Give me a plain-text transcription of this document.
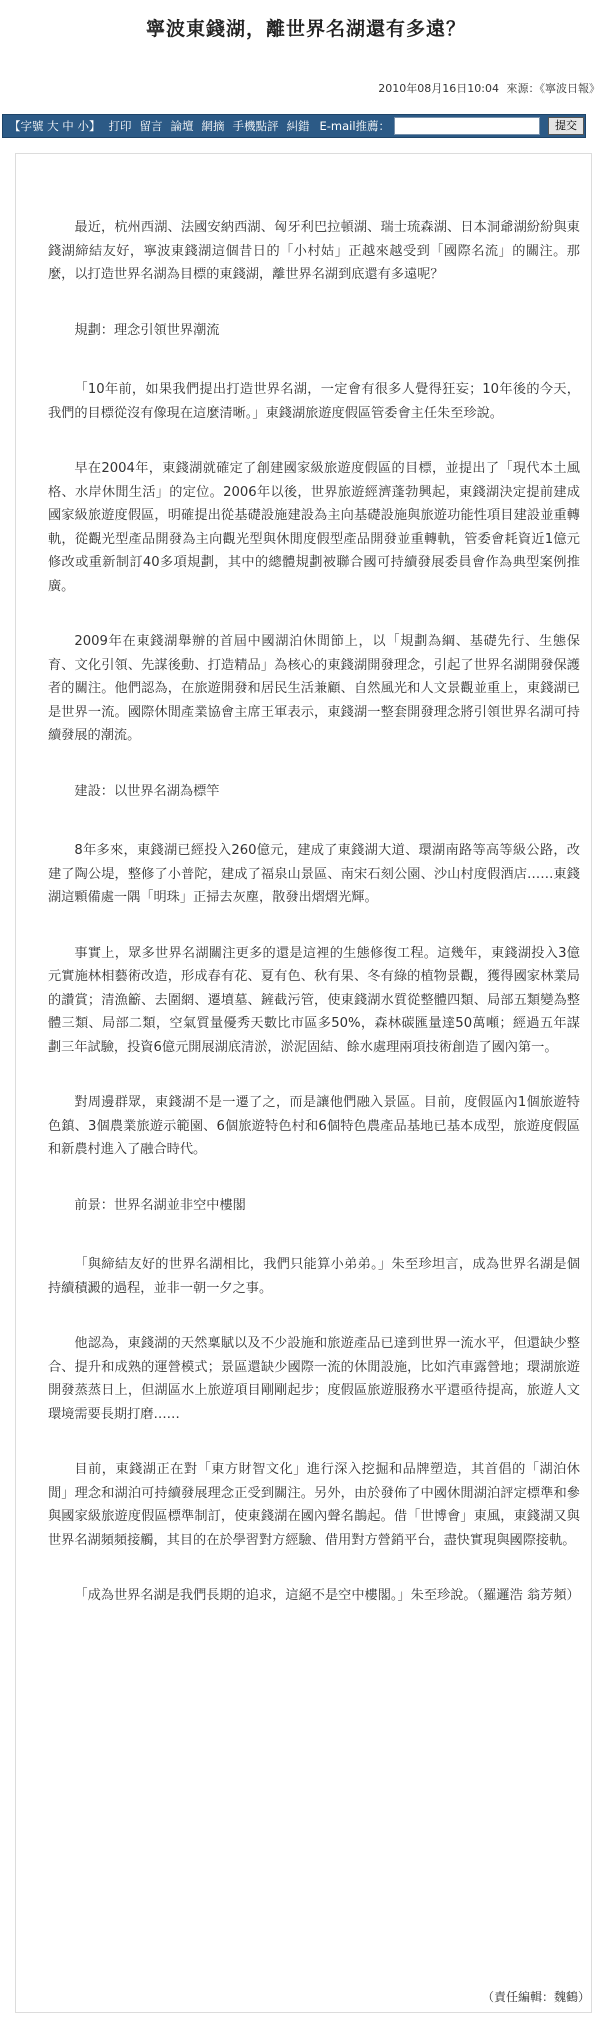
寧波東錢湖，離世界名湖還有多遠？
2010年08月16日10:04 來源：《寧波日報》
【字號 大 中 小】 打印 留言 論壇 網摘 手機點評 糾錯 E-mail推薦：	提交

最近，杭州西湖、法國安納西湖、匈牙利巴拉頓湖、瑞士琉森湖、日本洞爺湖紛紛與東錢湖締結友好，寧波東錢湖這個昔日的「小村姑」正越來越受到「國際名流」的關注。那麼，以打造世界名湖為目標的東錢湖，離世界名湖到底還有多遠呢？

規劃：理念引領世界潮流

「10年前，如果我們提出打造世界名湖，一定會有很多人覺得狂妄；10年後的今天，我們的目標從沒有像現在這麼清晰。」東錢湖旅遊度假區管委會主任朱至珍說。

早在2004年，東錢湖就確定了創建國家級旅遊度假區的目標，並提出了「現代本土風格、水岸休閒生活」的定位。2006年以後，世界旅遊經濟蓬勃興起，東錢湖決定提前建成國家級旅遊度假區，明確提出從基礎設施建設為主向基礎設施與旅遊功能性項目建設並重轉軌，從觀光型產品開發為主向觀光型與休閒度假型產品開發並重轉軌，管委會耗資近1億元修改或重新制訂40多項規劃，其中的總體規劃被聯合國可持續發展委員會作為典型案例推廣。

2009年在東錢湖舉辦的首屆中國湖泊休閒節上，以「規劃為綱、基礎先行、生態保育、文化引領、先謀後動、打造精品」為核心的東錢湖開發理念，引起了世界名湖開發保護者的關注。他們認為，在旅遊開發和居民生活兼顧、自然風光和人文景觀並重上，東錢湖已是世界一流。國際休閒產業協會主席王軍表示，東錢湖一整套開發理念將引領世界名湖可持續發展的潮流。

建設：以世界名湖為標竿

8年多來，東錢湖已經投入260億元，建成了東錢湖大道、環湖南路等高等級公路，改建了陶公堤，整修了小普陀，建成了福泉山景區、南宋石刻公園、沙山村度假酒店……東錢湖這顆備處一隅「明珠」正掃去灰塵，散發出熠熠光輝。

事實上，眾多世界名湖關注更多的還是這裡的生態修復工程。這幾年，東錢湖投入3億元實施林相藝術改造，形成春有花、夏有色、秋有果、冬有綠的植物景觀，獲得國家林業局的讚賞；清漁籪、去圍網、遷墳墓、鏟截污管，使東錢湖水質從整體四類、局部五類變為整體三類、局部二類，空氣質量優秀天數比市區多50%，森林碳匯量達50萬噸；經過五年謀劃三年試驗，投資6億元開展湖底清淤，淤泥固結、餘水處理兩項技術創造了國內第一。

對周邊群眾，東錢湖不是一遷了之，而是讓他們融入景區。目前，度假區內1個旅遊特色鎮、3個農業旅遊示範園、6個旅遊特色村和6個特色農產品基地已基本成型，旅遊度假區和新農村進入了融合時代。

前景：世界名湖並非空中樓閣

「與締結友好的世界名湖相比，我們只能算小弟弟。」朱至珍坦言，成為世界名湖是個持續積澱的過程，並非一朝一夕之事。

他認為，東錢湖的天然稟賦以及不少設施和旅遊產品已達到世界一流水平，但還缺少整合、提升和成熟的運營模式；景區還缺少國際一流的休閒設施，比如汽車露營地；環湖旅遊開發蒸蒸日上，但湖區水上旅遊項目剛剛起步；度假區旅遊服務水平還亟待提高，旅遊人文環境需要長期打磨……

目前，東錢湖正在對「東方財智文化」進行深入挖掘和品牌塑造，其首倡的「湖泊休閒」理念和湖泊可持續發展理念正受到關注。另外，由於發佈了中國休閒湖泊評定標準和參與國家級旅遊度假區標準制訂，使東錢湖在國內聲名鵲起。借「世博會」東風，東錢湖又與世界名湖頻頻接觸，其目的在於學習對方經驗、借用對方營銷平台，盡快實現與國際接軌。

「成為世界名湖是我們長期的追求，這絕不是空中樓閣。」朱至珍說。（羅邏浩 翁芳頻）

（責任編輯：魏鶴）
